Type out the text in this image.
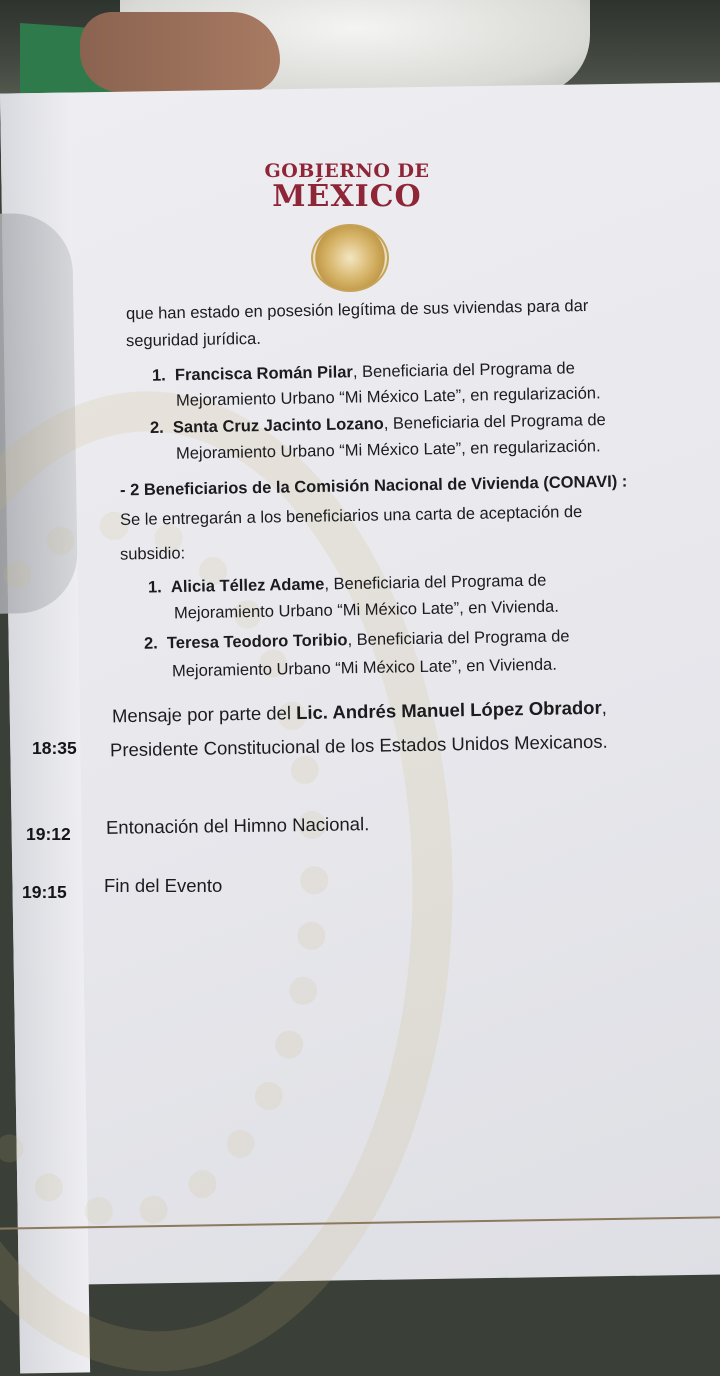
GOBIERNO DE
MÉXICO
que han estado en posesión legítima de sus viviendas para dar
seguridad jurídica.
1. Francisca Román Pilar, Beneficiaria del Programa de
Mejoramiento Urbano “Mi México Late”, en regularización.
2. Santa Cruz Jacinto Lozano, Beneficiaria del Programa de
Mejoramiento Urbano “Mi México Late”, en regularización.
- 2 Beneficiarios de la Comisión Nacional de Vivienda (CONAVI) :
Se le entregarán a los beneficiarios una carta de aceptación de
subsidio:
1. Alicia Téllez Adame, Beneficiaria del Programa de
Mejoramiento Urbano “Mi México Late”, en Vivienda.
2. Teresa Teodoro Toribio, Beneficiaria del Programa de
Mejoramiento Urbano “Mi México Late”, en Vivienda.
18:35
Mensaje por parte del Lic. Andrés Manuel López Obrador,
Presidente Constitucional de los Estados Unidos Mexicanos.
19:12 Entonación del Himno Nacional.
19:15 Fin del Evento
